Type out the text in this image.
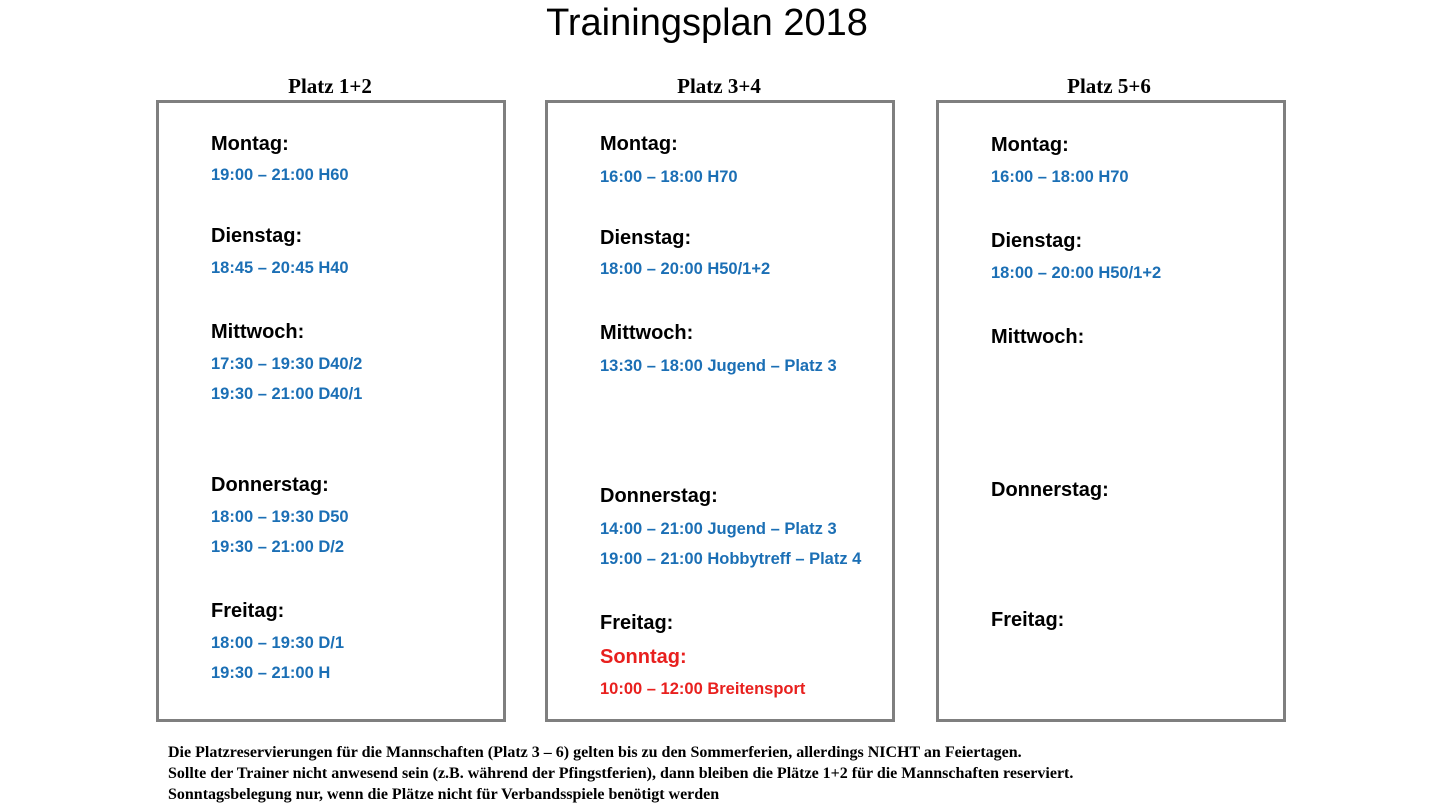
Trainingsplan 2018
Platz 1+2	Platz 3+4	Platz 5+6
Montag:
19:00 – 21:00 H60
Dienstag:
18:45 – 20:45 H40
Mittwoch:
17:30 – 19:30 D40/2
19:30 – 21:00 D40/1
Donnerstag:
18:00 – 19:30 D50
19:30 – 21:00 D/2
Freitag:
18:00 – 19:30 D/1
19:30 – 21:00 H
Montag:
16:00 – 18:00 H70
Dienstag:
18:00 – 20:00 H50/1+2
Mittwoch:
13:30 – 18:00 Jugend – Platz 3
Donnerstag:
14:00 – 21:00 Jugend – Platz 3
19:00 – 21:00 Hobbytreff – Platz 4
Freitag:
Sonntag:
10:00 – 12:00 Breitensport
Montag:
16:00 – 18:00 H70
Dienstag:
18:00 – 20:00 H50/1+2
Mittwoch:
Donnerstag:
Freitag:
Die Platzreservierungen für die Mannschaften (Platz 3 – 6) gelten bis zu den Sommerferien, allerdings NICHT an Feiertagen.
Sollte der Trainer nicht anwesend sein (z.B. während der Pfingstferien), dann bleiben die Plätze 1+2 für die Mannschaften reserviert.
Sonntagsbelegung nur, wenn die Plätze nicht für Verbandsspiele benötigt werden
